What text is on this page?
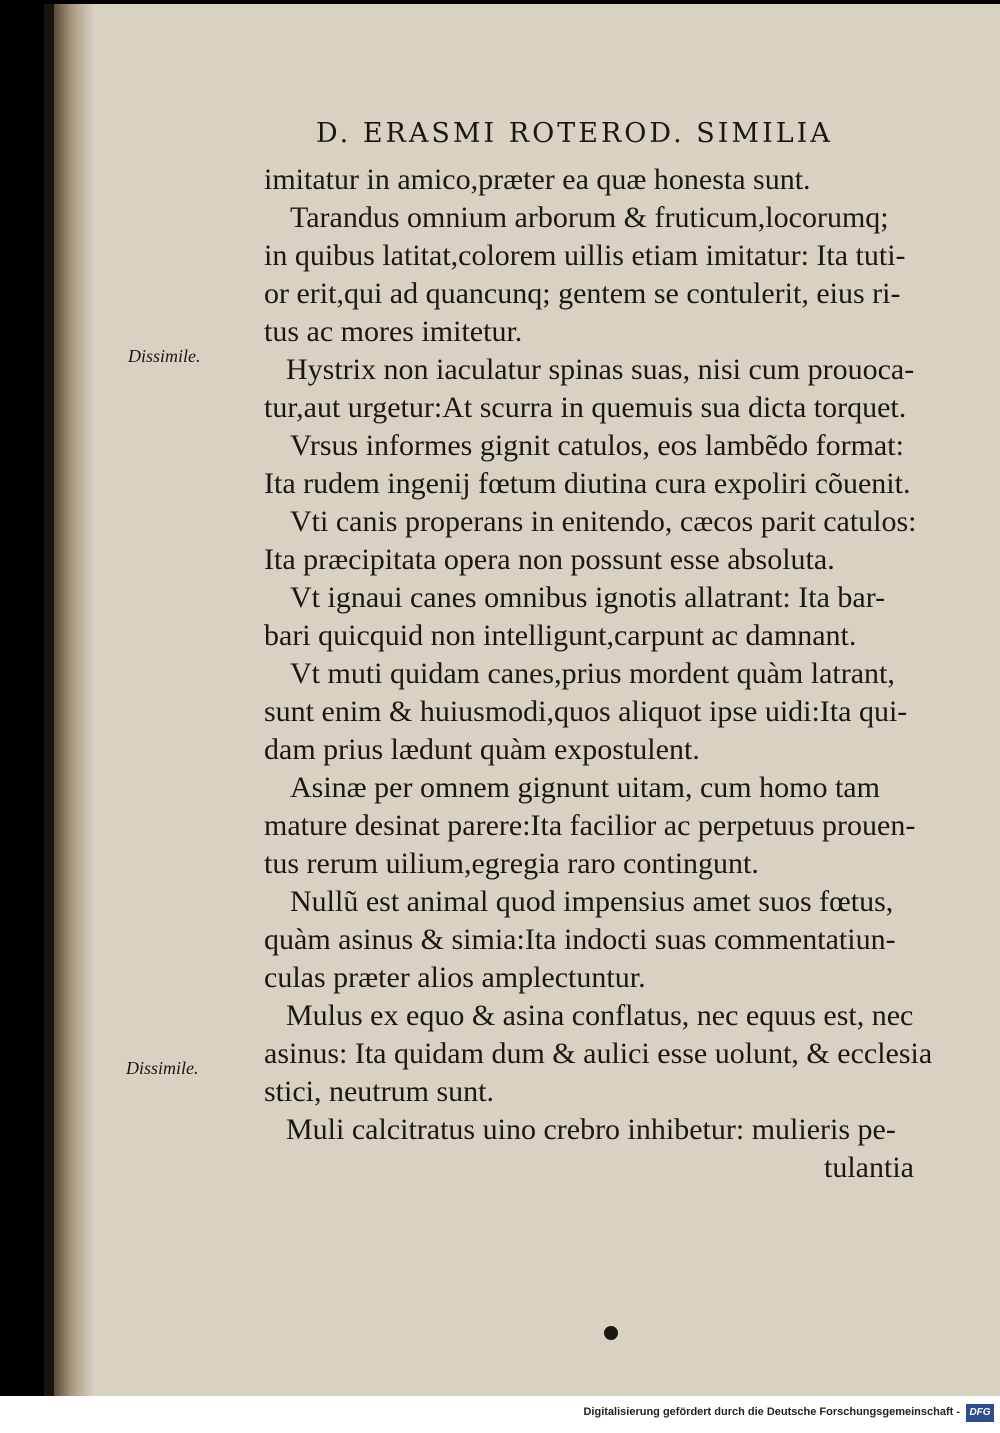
D. ERASMI ROTEROD. SIMILIA
imitatur in amico,præter ea quæ honesta sunt.
Tarandus omnium arborum & fruticum,locorumq;
in quibus latitat,colorem uillis etiam imitatur: Ita tuti-
or erit,qui ad quancunq; gentem se contulerit, eius ri-
tus ac mores imitetur.
Hystrix non iaculatur spinas suas, nisi cum prouoca-
tur,aut urgetur:At scurra in quemuis sua dicta torquet.
Vrsus informes gignit catulos, eos lambẽdo format:
Ita rudem ingenij fœtum diutina cura expoliri cõuenit.
Vti canis properans in enitendo, cæcos parit catulos:
Ita præcipitata opera non possunt esse absoluta.
Vt ignaui canes omnibus ignotis allatrant: Ita bar-
bari quicquid non intelligunt,carpunt ac damnant.
Vt muti quidam canes,prius mordent quàm latrant,
sunt enim & huiusmodi,quos aliquot ipse uidi:Ita qui-
dam prius lædunt quàm expostulent.
Asinæ per omnem gignunt uitam, cum homo tam
mature desinat parere:Ita facilior ac perpetuus prouen-
tus rerum uilium,egregia raro contingunt.
Nullũ est animal quod impensius amet suos fœtus,
quàm asinus & simia:Ita indocti suas commentatiun-
culas præter alios amplectuntur.
Mulus ex equo & asina conflatus, nec equus est, nec
asinus: Ita quidam dum & aulici esse uolunt, & ecclesia
stici, neutrum sunt.
Muli calcitratus uino crebro inhibetur: mulieris pe-
tulantia
Dissimile.
Dissimile.
Digitalisierung gefördert durch die Deutsche Forschungsgemeinschaft - DFG
